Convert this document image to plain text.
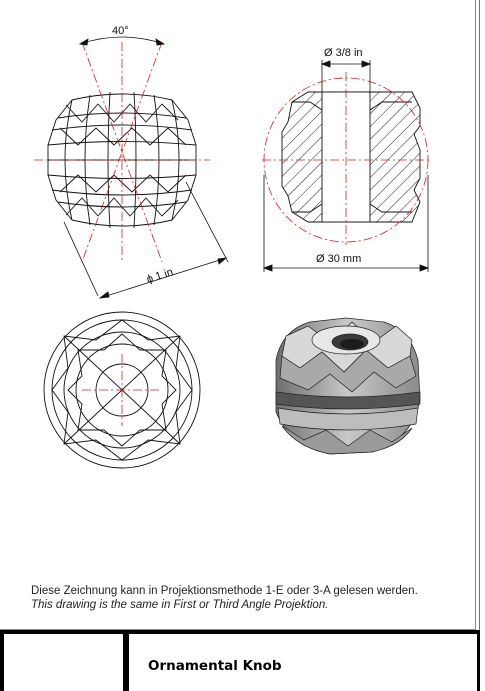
40°
ϕ 1 in
Ø 3/8 in
Ø 30 mm
Diese Zeichnung kann in Projektionsmethode 1-E oder 3-A gelesen werden.
This drawing is the same in First or Third Angle Projektion.
Ornamental Knob
